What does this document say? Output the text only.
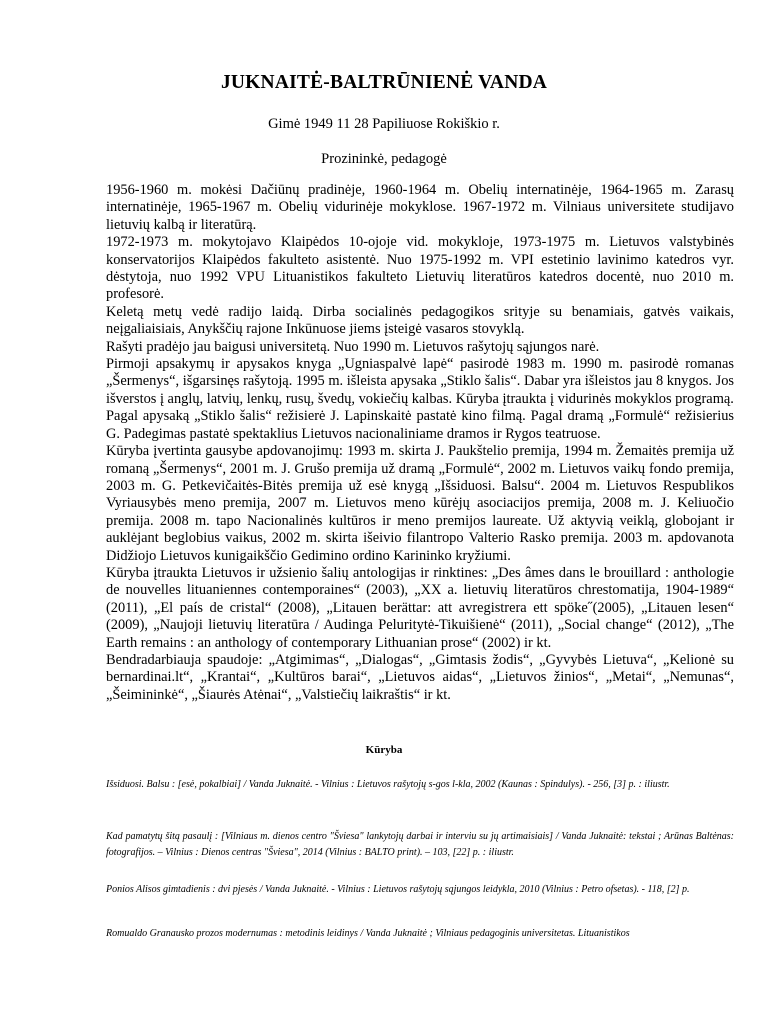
JUKNAITĖ-BALTRŪNIENĖ VANDA
Gimė 1949 11 28 Papiliuose Rokiškio r.
Prozininkė, pedagogė

1956-1960 m. mokėsi Dačiūnų pradinėje, 1960-1964 m. Obelių internatinėje, 1964-1965 m. Zarasų internatinėje, 1965-1967 m. Obelių vidurinėje mokyklose. 1967-1972 m. Vilniaus universitete studijavo lietuvių kalbą ir literatūrą.

1972-1973 m. mokytojavo Klaipėdos 10-ojoje vid. mokykloje, 1973-1975 m. Lietuvos valstybinės konservatorijos Klaipėdos fakulteto asistentė. Nuo 1975-1992 m. VPI estetinio lavinimo katedros vyr. dėstytoja, nuo 1992 VPU Lituanistikos fakulteto Lietuvių literatūros katedros docentė, nuo 2010 m. profesorė.

Keletą metų vedė radijo laidą. Dirba socialinės pedagogikos srityje su benamiais, gatvės vaikais, neįgaliaisiais, Anykščių rajone Inkūnuose jiems įsteigė vasaros stovyklą.

Rašyti pradėjo jau baigusi universitetą. Nuo 1990 m. Lietuvos rašytojų sąjungos narė.

Pirmoji apsakymų ir apysakos knyga „Ugniaspalvė lapė“ pasirodė 1983 m. 1990 m. pasirodė romanas „Šermenys“, išgarsinęs rašytoją. 1995 m. išleista apysaka „Stiklo šalis“. Dabar yra išleistos jau 8 knygos. Jos išverstos į anglų, latvių, lenkų, rusų, švedų, vokiečių kalbas. Kūryba įtraukta į vidurinės mokyklos programą.

Pagal apysaką „Stiklo šalis“ režisierė J. Lapinskaitė pastatė kino filmą. Pagal dramą „Formulė“ režisierius G. Padegimas pastatė spektaklius Lietuvos nacionaliniame dramos ir Rygos teatruose.

Kūryba įvertinta gausybe apdovanojimų: 1993 m. skirta J. Paukštelio premija, 1994 m. Žemaitės premija už romaną „Šermenys“, 2001 m. J. Grušo premija už dramą „Formulė“, 2002 m. Lietuvos vaikų fondo premija, 2003 m. G. Petkevičaitės-Bitės premija už esė knygą „Išsiduosi. Balsu“. 2004 m. Lietuvos Respublikos Vyriausybės meno premija, 2007 m. Lietuvos meno kūrėjų asociacijos premija, 2008 m. J. Keliuočio premija. 2008 m. tapo Nacionalinės kultūros ir meno premijos laureate. Už aktyvią veiklą, globojant ir auklėjant beglobius vaikus, 2002 m. skirta išeivio filantropo Valterio Rasko premija. 2003 m. apdovanota Didžiojo Lietuvos kunigaikščio Gedimino ordino Karininko kryžiumi.

Kūryba įtraukta Lietuvos ir užsienio šalių antologijas ir rinktines: „Des âmes dans le brouillard : anthologie de nouvelles lituaniennes contemporaines“ (2003), „XX a. lietuvių literatūros chrestomatija, 1904-1989“ (2011), „El país de cristal“ (2008), „Litauen berättar: att avregistrera ett spöke˝(2005), „Litauen lesen“ (2009), „Naujoji lietuvių literatūra / Audinga Peluritytė-Tikuišienė“ (2011), „Social change“ (2012), „The Earth remains : an anthology of contemporary Lithuanian prose“ (2002) ir kt.

Bendradarbiauja spaudoje: „Atgimimas“, „Dialogas“, „Gimtasis žodis“, „Gyvybės Lietuva“, „Kelionė su bernardinai.lt“, „Krantai“, „Kultūros barai“, „Lietuvos aidas“, „Lietuvos žinios“, „Metai“, „Nemunas“, „Šeimininkė“, „Šiaurės Atėnai“, „Valstiečių laikraštis“ ir kt.

Kūryba
Išsiduosi. Balsu : [esė, pokalbiai] / Vanda Juknaitė. - Vilnius : Lietuvos rašytojų s-gos l-kla, 2002 (Kaunas : Spindulys). - 256, [3] p. : iliustr.
Kad pamatytų šitą pasaulį : [Vilniaus m. dienos centro "Šviesa" lankytojų darbai ir interviu su jų artimaisiais] / Vanda Juknaitė: tekstai ; Arūnas Baltėnas: fotografijos. – Vilnius : Dienos centras "Šviesa", 2014 (Vilnius : BALTO print). – 103, [22] p. : iliustr.
Ponios Alisos gimtadienis : dvi pjesės / Vanda Juknaitė. - Vilnius : Lietuvos rašytojų sąjungos leidykla, 2010 (Vilnius : Petro ofsetas). - 118, [2] p.
Romualdo Granausko prozos modernumas : metodinis leidinys / Vanda Juknaitė ; Vilniaus pedagoginis universitetas. Lituanistikos
